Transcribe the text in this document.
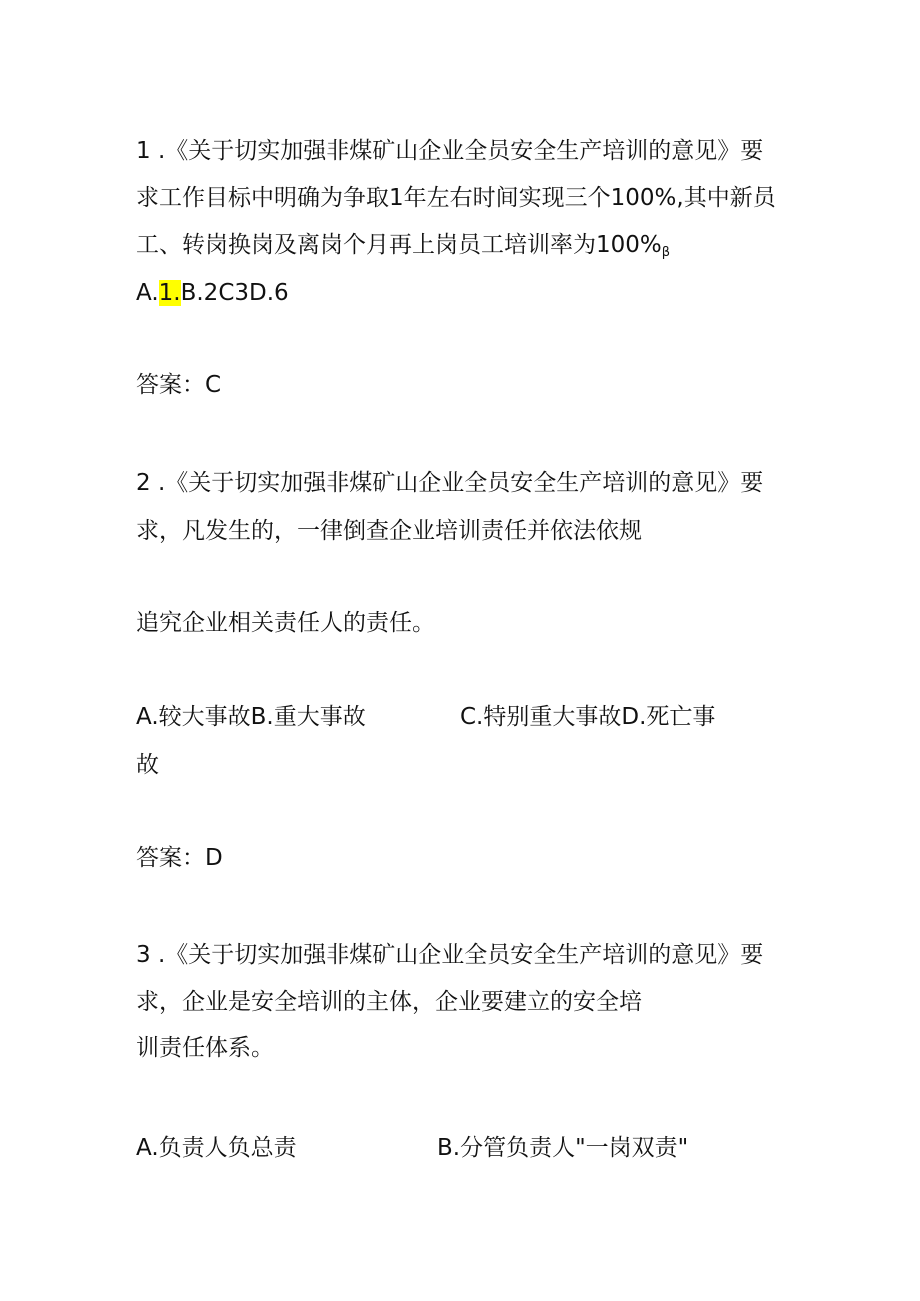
1 .《关于切实加强非煤矿山企业全员安全生产培训的意见》要

求工作目标中明确为争取1年左右时间实现三个100%,其中新员

工、转岗换岗及离岗个月再上岗员工培训率为100%β

A.1.B.2C3D.6

答案：C

2 .《关于切实加强非煤矿山企业全员安全生产培训的意见》要

求，凡发生的，一律倒查企业培训责任并依法依规

追究企业相关责任人的责任。

A.较大事故B.重大事故	C.特别重大事故D.死亡事

故

答案：D

3 .《关于切实加强非煤矿山企业全员安全生产培训的意见》要

求，企业是安全培训的主体，企业要建立的安全培

训责任体系。

A.负责人负总责	B.分管负责人"一岗双责"
